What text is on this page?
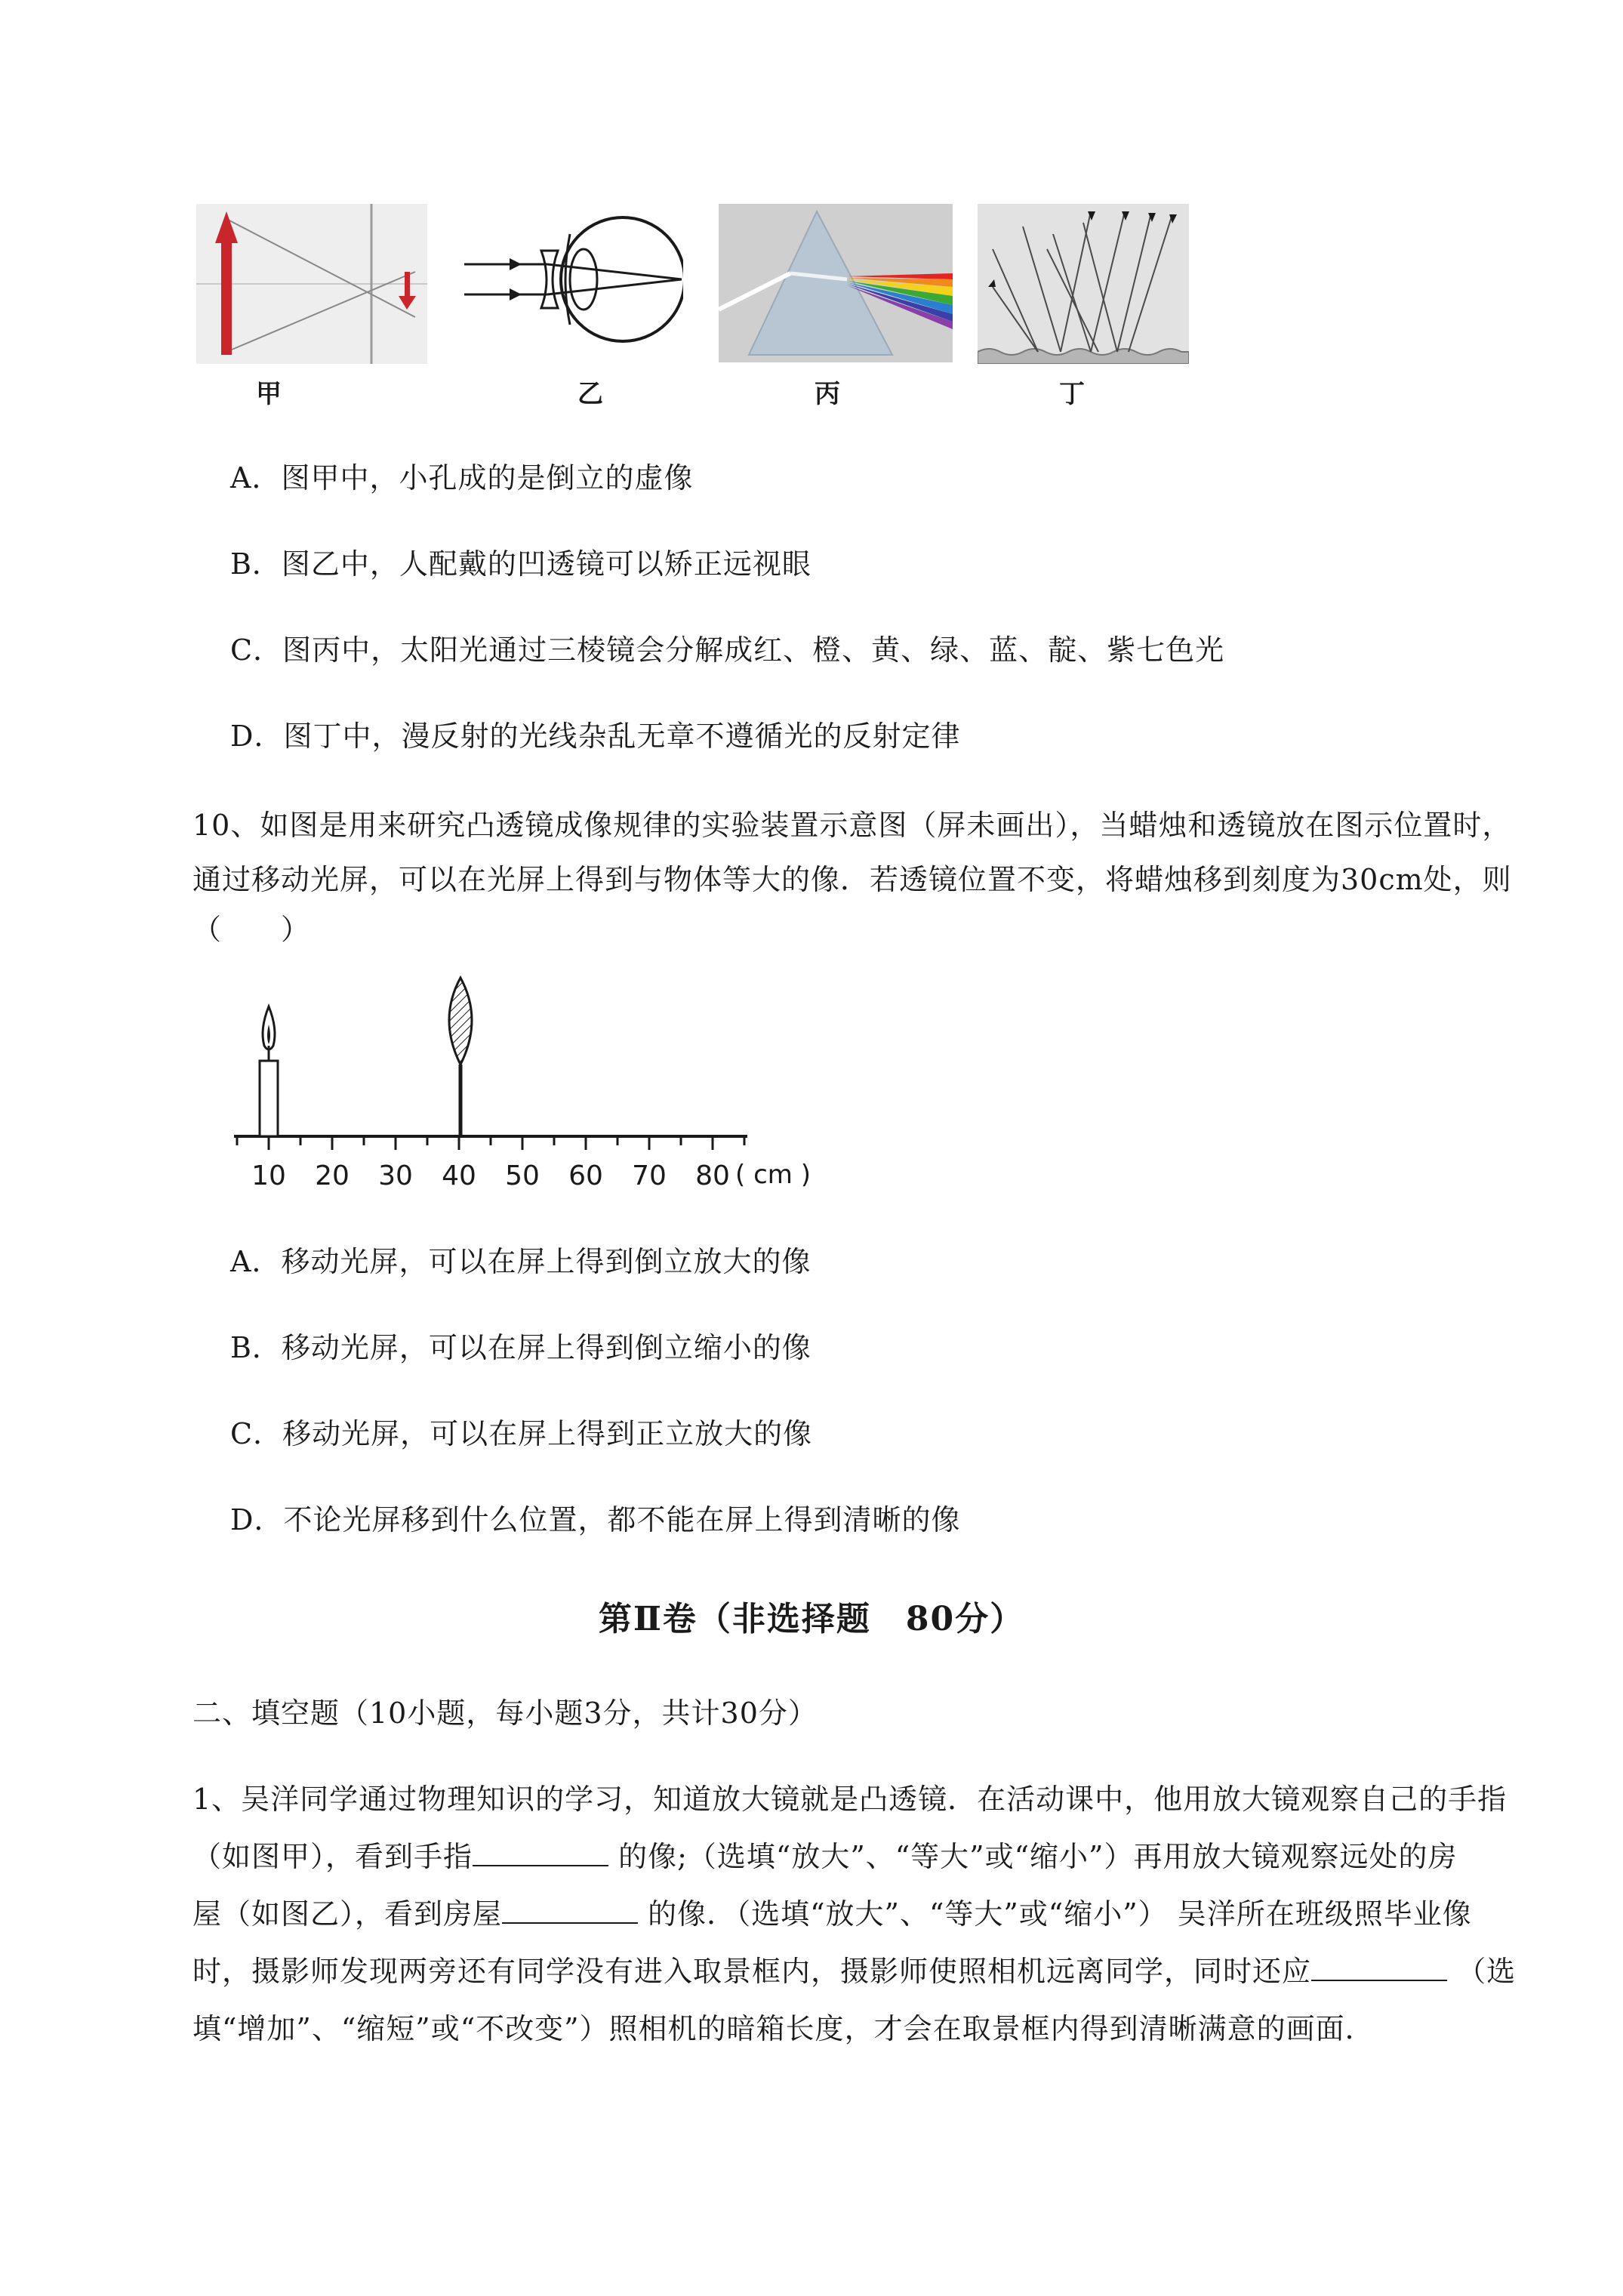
甲	乙	丙	丁
A．图甲中，小孔成的是倒立的虚像
B．图乙中，人配戴的凹透镜可以矫正远视眼
C．图丙中，太阳光通过三棱镜会分解成红、橙、黄、绿、蓝、靛、紫七色光
D．图丁中，漫反射的光线杂乱无章不遵循光的反射定律
10、如图是用来研究凸透镜成像规律的实验装置示意图（屏未画出），当蜡烛和透镜放在图示位置时，
通过移动光屏，可以在光屏上得到与物体等大的像．若透镜位置不变，将蜡烛移到刻度为30cm处，则
（　　）
10 20 30 40 50 60 70 80 ( cm )
A．移动光屏，可以在屏上得到倒立放大的像
B．移动光屏，可以在屏上得到倒立缩小的像
C．移动光屏，可以在屏上得到正立放大的像
D．不论光屏移到什么位置，都不能在屏上得到清晰的像
第Ⅱ卷（非选择题　80分）
二、填空题（10小题，每小题3分，共计30分）
1、吴洋同学通过物理知识的学习，知道放大镜就是凸透镜．在活动课中，他用放大镜观察自己的手指
（如图甲），看到手指	的像;（选填“放大”、“等大”或“缩小”）再用放大镜观察远处的房
屋（如图乙），看到房屋	的像．（选填“放大”、“等大”或“缩小”） 吴洋所在班级照毕业像
时，摄影师发现两旁还有同学没有进入取景框内，摄影师使照相机远离同学，同时还应	（选
填“增加”、“缩短”或“不改变”）照相机的暗箱长度，才会在取景框内得到清晰满意的画面．
